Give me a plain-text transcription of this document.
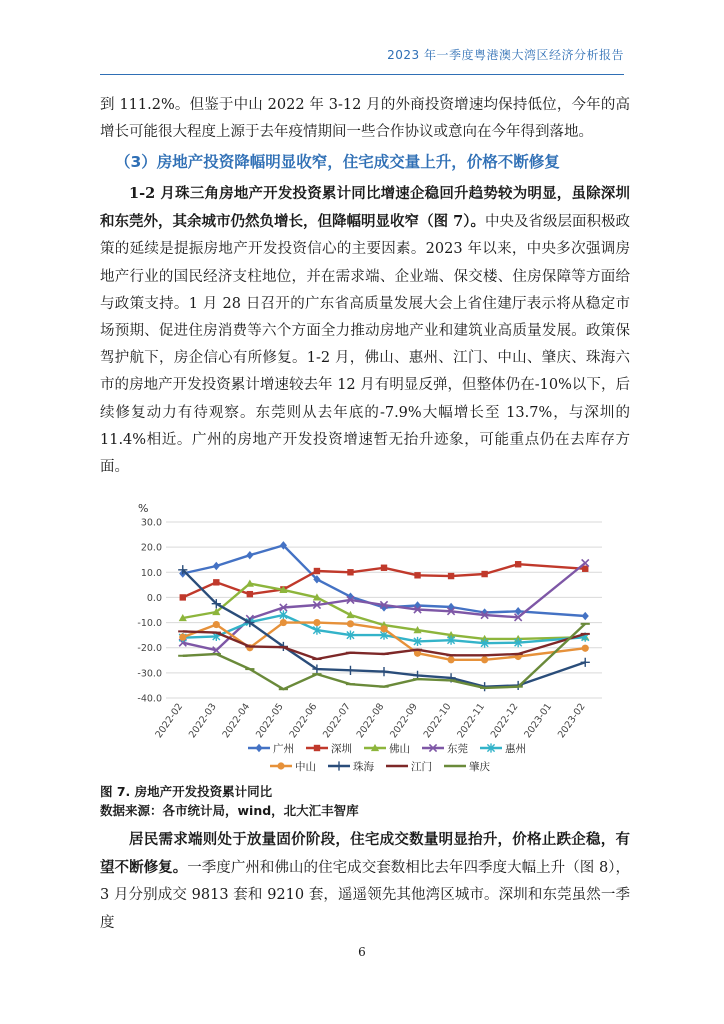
2023 年一季度粤港澳大湾区经济分析报告
到 111.2%。但鉴于中山 2022 年 3-12 月的外商投资增速均保持低位，今年的高增长可能很大程度上源于去年疫情期间一些合作协议或意向在今年得到落地。
（3）房地产投资降幅明显收窄，住宅成交量上升，价格不断修复
1-2 月珠三角房地产开发投资累计同比增速企稳回升趋势较为明显，虽除深圳和东莞外，其余城市仍然负增长，但降幅明显收窄（图 7）。中央及省级层面积极政策的延续是提振房地产开发投资信心的主要因素。2023 年以来，中央多次强调房地产行业的国民经济支柱地位，并在需求端、企业端、保交楼、住房保障等方面给与政策支持。1 月 28 日召开的广东省高质量发展大会上省住建厅表示将从稳定市场预期、促进住房消费等六个方面全力推动房地产业和建筑业高质量发展。政策保驾护航下，房企信心有所修复。1-2 月，佛山、惠州、江门、中山、肇庆、珠海六市的房地产开发投资累计增速较去年 12 月有明显反弹，但整体仍在-10%以下，后续修复动力有待观察。东莞则从去年底的-7.9%大幅增长至 13.7%，与深圳的 11.4%相近。广州的房地产开发投资增速暂无抬升迹象，可能重点仍在去库存方面。
%
30.0
20.0
10.0
0.0
-10.0
-20.0
-30.0
-40.0
2022-02 2022-03 2022-04 2022-05 2022-06 2022-07 2022-08 2022-09 2022-10 2022-11 2022-12 2023-01 2023-02
广州	深圳	佛山	东莞	惠州
中山	珠海	江门	肇庆
图 7. 房地产开发投资累计同比
数据来源：各市统计局，wind，北大汇丰智库
居民需求端则处于放量固价阶段，住宅成交数量明显抬升，价格止跌企稳，有望不断修复。一季度广州和佛山的住宅成交套数相比去年四季度大幅上升（图 8），3 月分别成交 9813 套和 9210 套，遥遥领先其他湾区城市。深圳和东莞虽然一季度
6
